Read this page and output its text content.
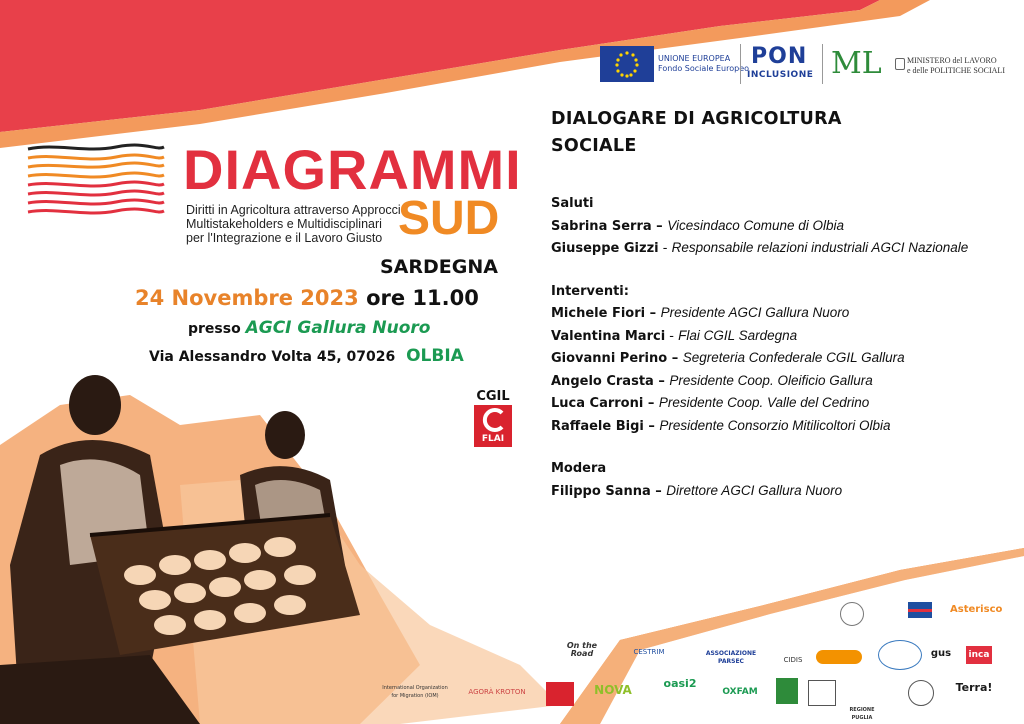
UNIONE EUROPEA
Fondo Sociale Europeo PON
INCLUSIONE ML	MINISTERO del LAVORO
e delle POLITICHE SOCIALI
DIAGRAMMI
Diritti in Agricoltura attraverso Approcci
Multistakeholders e Multidisciplinari
per l'Integrazione e il Lavoro Giusto SUD
SARDEGNA
24 Novembre 2023 ore 11.00
presso AGCI Gallura Nuoro
Via Alessandro Volta 45, 07026 OLBIA
CGIL
FLAI
DIALOGARE DI AGRICOLTURA
SOCIALE
Saluti
Sabrina Serra – Vicesindaco Comune di Olbia
Giuseppe Gizzi - Responsabile relazioni industriali AGCI Nazionale
Interventi:
Michele Fiori – Presidente AGCI Gallura Nuoro
Valentina Marci - Flai CGIL Sardegna
Giovanni Perino – Segreteria Confederale CGIL Gallura
Angelo Crasta – Presidente Coop. Oleificio Gallura
Luca Carroni – Presidente Coop. Valle del Cedrino
Raffaele Bigi – Presidente Consorzio Mitilicoltori Olbia
Modera
Filippo Sanna – Direttore AGCI Gallura Nuoro
Asterisco
On the Road	CESTRIM	ASSOCIAZIONE PARSEC	CIDIS
gus inca
International Organization for Migration (IOM)	AGORÀ KROTON	NOVA	oasi2
OXFAM
REGIONE PUGLIA
Terra!
